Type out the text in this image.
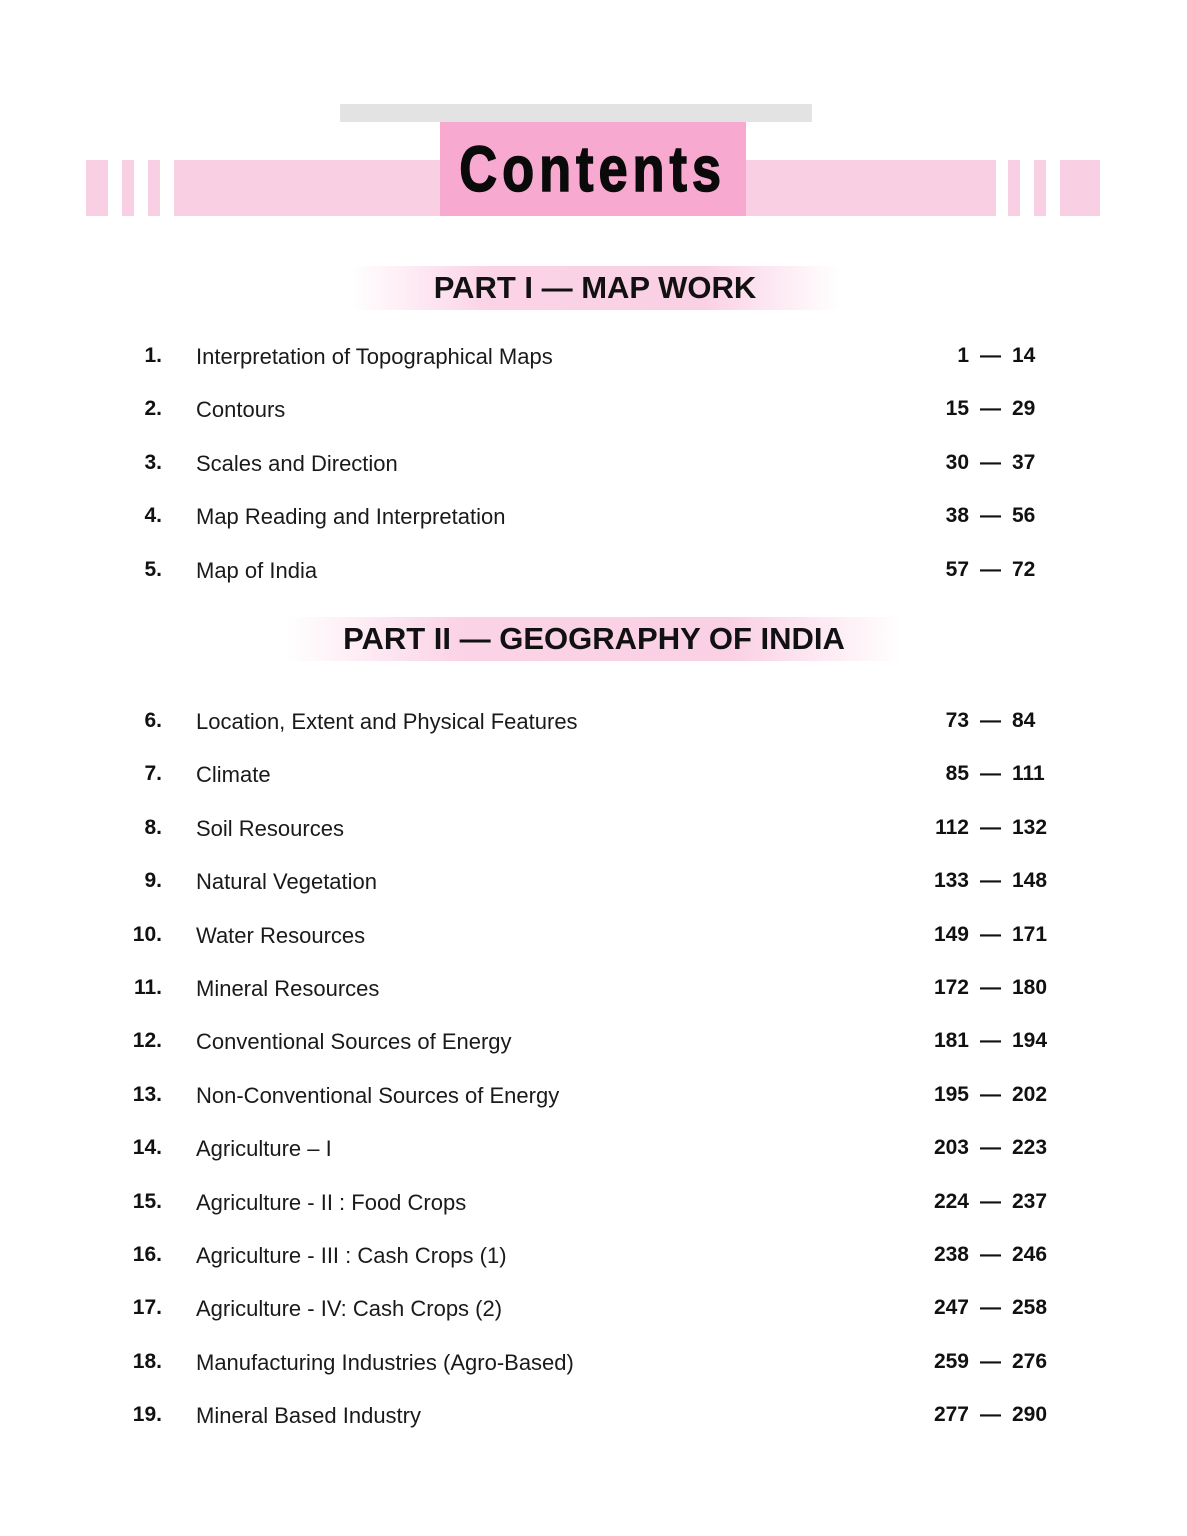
Contents
PART I — MAP WORK
PART II — GEOGRAPHY OF INDIA
1. Interpretation of Topographical Maps	1 — 14
2. Contours	15 — 29
3. Scales and Direction	30 — 37
4. Map Reading and Interpretation	38 — 56
5. Map of India	57 — 72
6. Location, Extent and Physical Features	73 — 84
7. Climate	85 — 111
8. Soil Resources	112 — 132
9. Natural Vegetation	133 — 148
10. Water Resources	149 — 171
11. Mineral Resources	172 — 180
12. Conventional Sources of Energy	181 — 194
13. Non-Conventional Sources of Energy	195 — 202
14. Agriculture – I	203 — 223
15. Agriculture - II : Food Crops	224 — 237
16. Agriculture - III : Cash Crops (1)	238 — 246
17. Agriculture - IV: Cash Crops (2)	247 — 258
18. Manufacturing Industries (Agro-Based)	259 — 276
19. Mineral Based Industry	277 — 290
